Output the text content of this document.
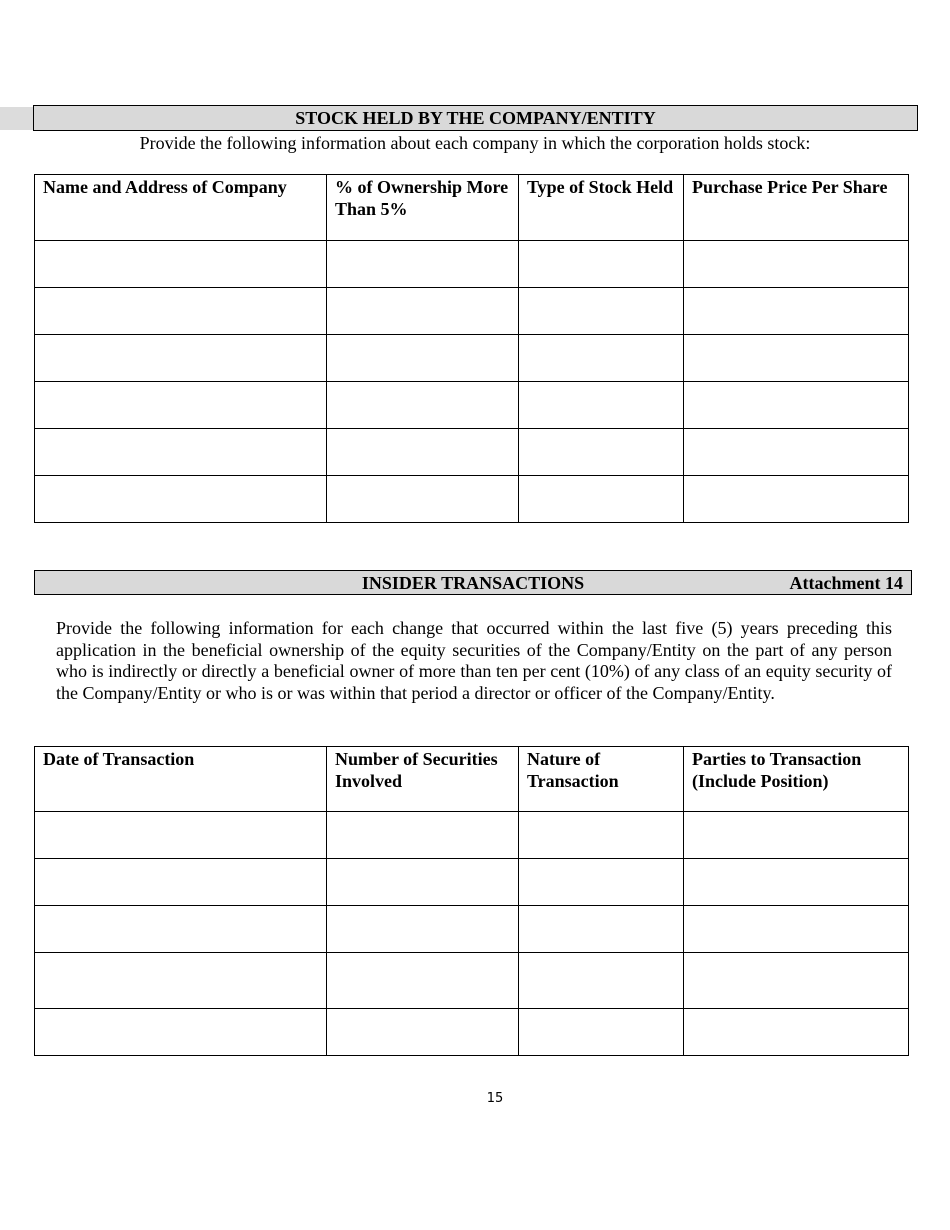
STOCK HELD BY THE COMPANY/ENTITY
Provide the following information about each company in which the corporation holds stock:
Name and Address of Company	% of Ownership More Than 5%	Type of Stock Held	Purchase Price Per Share

INSIDER TRANSACTIONS	Attachment 14
Provide the following information for each change that occurred within the last five (5) years preceding this application in the beneficial ownership of the equity securities of the Company/Entity on the part of any person who is indirectly or directly a beneficial owner of more than ten per cent (10%) of any class of an equity security of the Company/Entity or who is or was within that period a director or officer of the Company/Entity.
Date of Transaction	Number of Securities Involved	Nature of Transaction	Parties to Transaction (Include Position)

15
